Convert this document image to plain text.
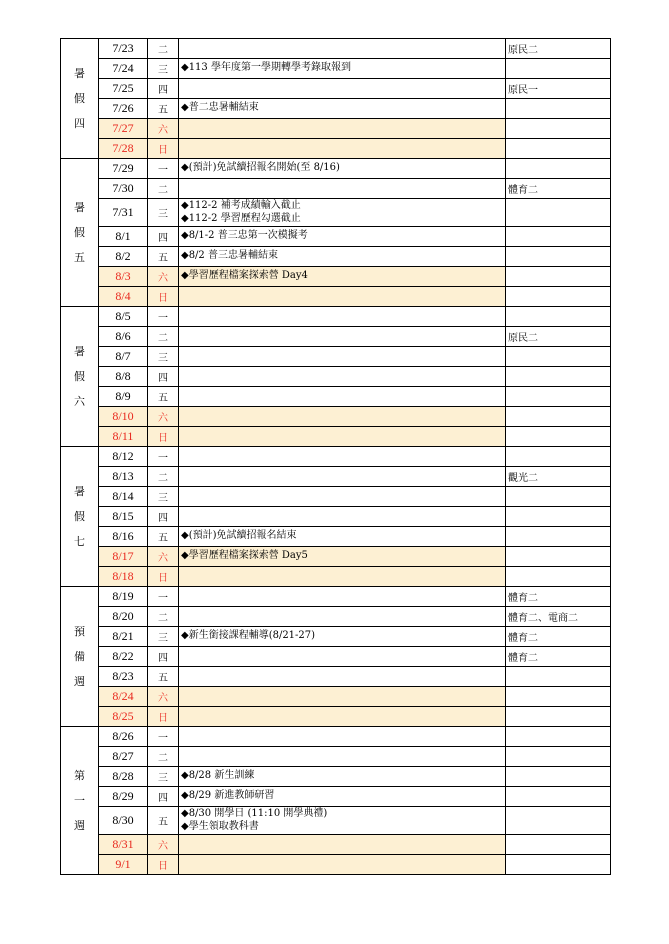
暑
假
四	7/23	二		原民二
	7/24	三	◆113 學年度第一學期轉學考錄取報到	

	7/25	四		原民一
	7/26	五	◆普二忠暑輔結束	

	7/27	六		
	7/28	日		

暑
假
五	7/29	一	◆(預計)免試續招報名開始(至 8/16)	

	7/30	二		體育二
	7/31	三	◆112-2 補考成績輸入截止
◆112-2 學習歷程勾選截止	

	8/1	四	◆8/1-2 普三忠第一次模擬考	

	8/2	五	◆8/2 普三忠暑輔結束	

	8/3	六	◆學習歷程檔案探索營 Day4	

	8/4	日		

暑
假
六	8/5	一		
	8/6	二		原民二
	8/7	三		
	8/8	四		
	8/9	五		
	8/10	六		
	8/11	日		

暑
假
七	8/12	一		
	8/13	二		觀光二
	8/14	三		
	8/15	四		
	8/16	五	◆(預計)免試續招報名結束	

	8/17	六	◆學習歷程檔案探索營 Day5	

	8/18	日		

預
備
週	8/19	一		體育二
	8/20	二		體育二、電商二
	8/21	三	◆新生銜接課程輔導(8/21-27)	體育二
	8/22	四		體育二
	8/23	五		
	8/24	六		
	8/25	日		

第
一
週	8/26	一		
	8/27	二		
	8/28	三	◆8/28 新生訓練	

	8/29	四	◆8/29 新進教師研習	

	8/30	五	◆8/30 開學日 (11:10 開學典禮)
◆學生領取教科書	

	8/31	六		
	9/1	日		
